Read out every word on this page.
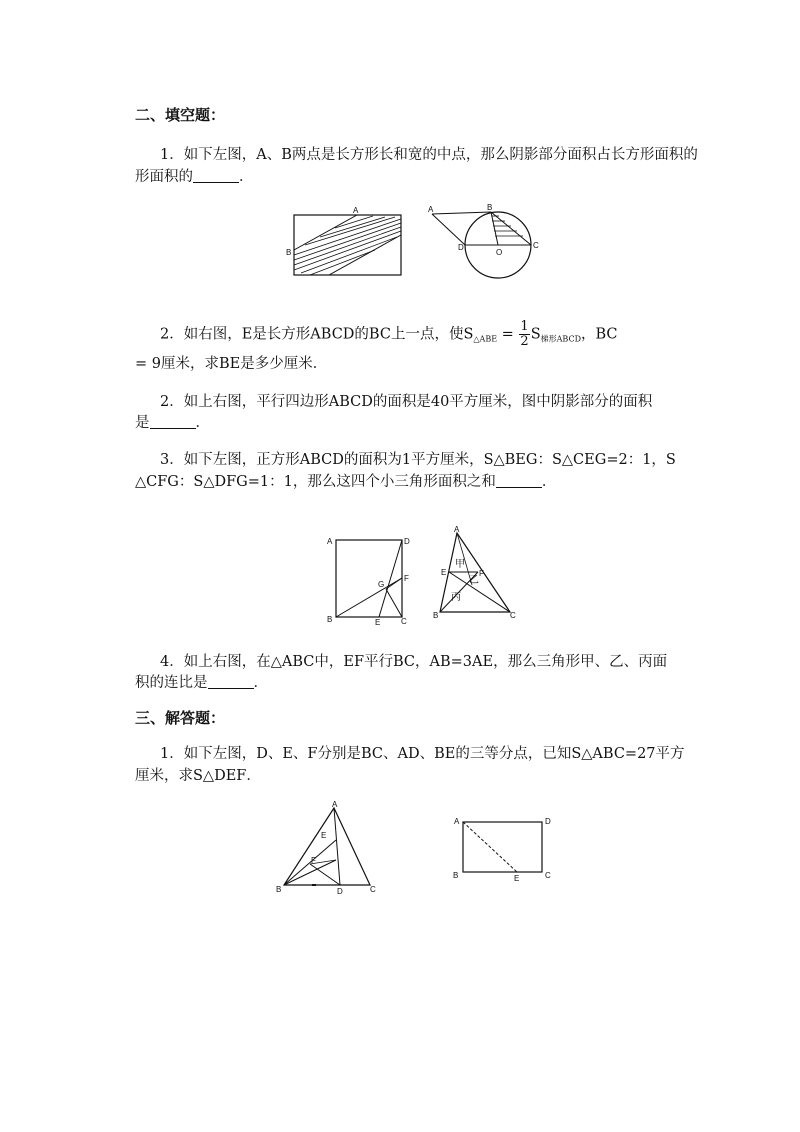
二、填空题：
1．如下左图，A、B两点是长方形长和宽的中点，那么阴影部分面积占长方形面积的
形面积的	．
A
B
A	B
C
D
O
2．如右图，E是长方形ABCD的BC上一点，使$S_{\triangle ABE} = \frac{1}{2} S_{梯形ABCD}$，BC
= 9厘米，求BE是多少厘米．
2．如上右图，平行四边形ABCD的面积是40平方厘米，图中阴影部分的面积
是	．
3．如下左图，正方形ABCD的面积为1平方厘米，S△BEG：S△CEG=2：1，S
△CFG：S△DFG=1：1，那么这四个小三角形面积之和	．
A	D
B	C
E
F
G
E	F
A
B	C
甲
乙
丙
4．如上右图，在△ABC中，EF平行BC，AB=3AE，那么三角形甲、乙、丙面
积的连比是	．
三、解答题：
1．如下左图，D、E、F分别是BC、AD、BE的三等分点，已知S△ABC=27平方
厘米，求S△DEF．
A
B	C
D
E
F
A	D
B	C
E
